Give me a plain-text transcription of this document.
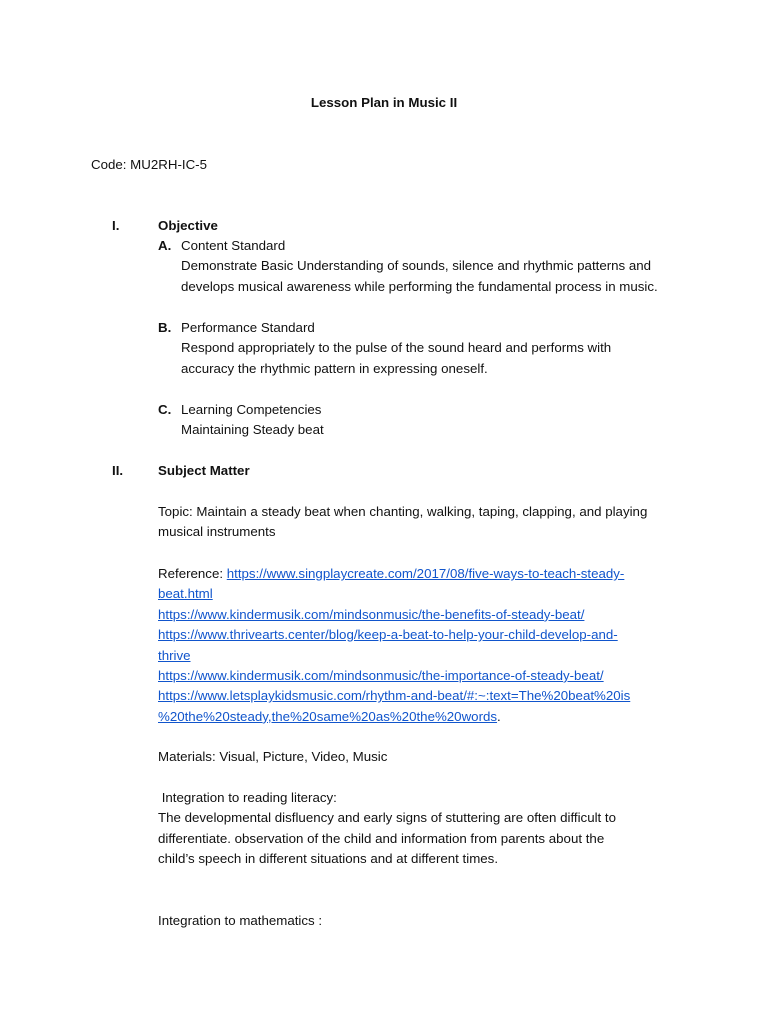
Lesson Plan in Music II
Code: MU2RH-IC-5
I.	Objective
A. Content Standard
Demonstrate Basic Understanding of sounds, silence and rhythmic patterns and
develops musical awareness while performing the fundamental process in music.
B. Performance Standard
Respond appropriately to the pulse of the sound heard and performs with
accuracy the rhythmic pattern in expressing oneself.
C. Learning Competencies
Maintaining Steady beat
II.	Subject Matter
Topic: Maintain a steady beat when chanting, walking, taping, clapping, and playing
musical instruments
Reference: https://www.singplaycreate.com/2017/08/five-ways-to-teach-steady-
beat.html
https://www.kindermusik.com/mindsonmusic/the-benefits-of-steady-beat/
https://www.thrivearts.center/blog/keep-a-beat-to-help-your-child-develop-and-
thrive
https://www.kindermusik.com/mindsonmusic/the-importance-of-steady-beat/
https://www.letsplaykidsmusic.com/rhythm-and-beat/#:~:text=The%20beat%20is
%20the%20steady,the%20same%20as%20the%20words.
Materials: Visual, Picture, Video, Music
Integration to reading literacy:
The developmental disfluency and early signs of stuttering are often difficult to
differentiate. observation of the child and information from parents about the
child’s speech in different situations and at different times.
Integration to mathematics :
